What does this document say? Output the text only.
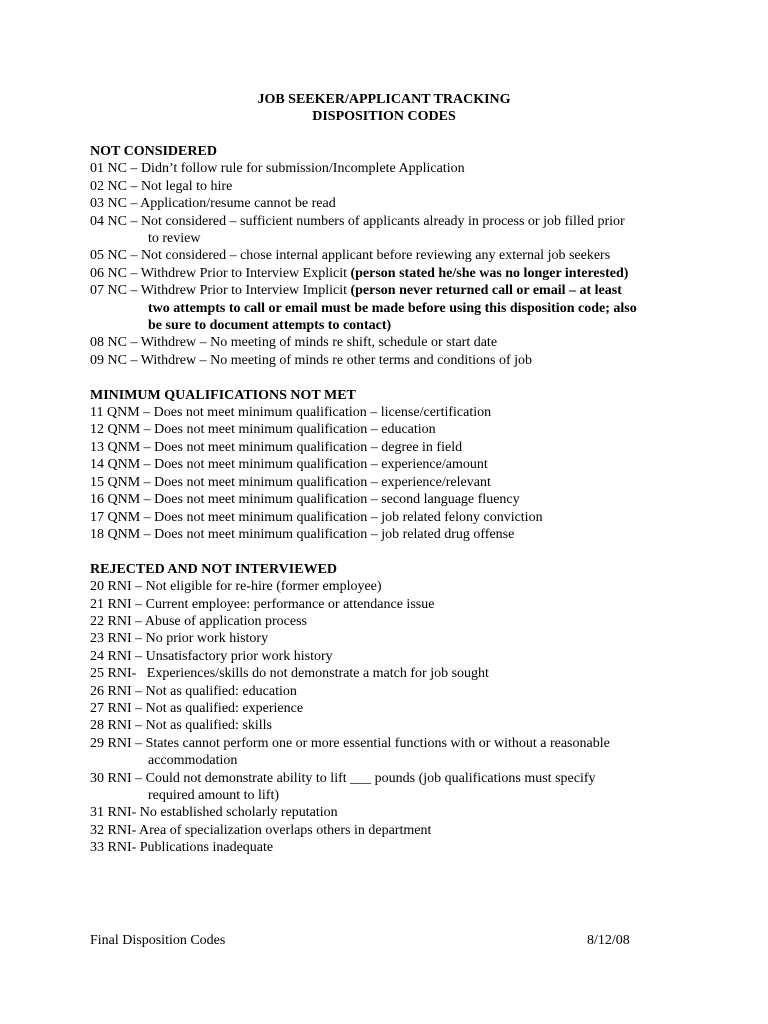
JOB SEEKER/APPLICANT TRACKING
DISPOSITION CODES
NOT CONSIDERED
01 NC – Didn’t follow rule for submission/Incomplete Application
02 NC – Not legal to hire
03 NC – Application/resume cannot be read
04 NC – Not considered – sufficient numbers of applicants already in process or job filled prior
to review
05 NC – Not considered – chose internal applicant before reviewing any external job seekers
06 NC – Withdrew Prior to Interview Explicit (person stated he/she was no longer interested)
07 NC – Withdrew Prior to Interview Implicit (person never returned call or email – at least
two attempts to call or email must be made before using this disposition code; also
be sure to document attempts to contact)
08 NC – Withdrew – No meeting of minds re shift, schedule or start date
09 NC – Withdrew – No meeting of minds re other terms and conditions of job
MINIMUM QUALIFICATIONS NOT MET
11 QNM – Does not meet minimum qualification – license/certification
12 QNM – Does not meet minimum qualification – education
13 QNM – Does not meet minimum qualification – degree in field
14 QNM – Does not meet minimum qualification – experience/amount
15 QNM – Does not meet minimum qualification – experience/relevant
16 QNM – Does not meet minimum qualification – second language fluency
17 QNM – Does not meet minimum qualification – job related felony conviction
18 QNM – Does not meet minimum qualification – job related drug offense
REJECTED AND NOT INTERVIEWED
20 RNI – Not eligible for re-hire (former employee)
21 RNI – Current employee: performance or attendance issue
22 RNI – Abuse of application process
23 RNI – No prior work history
24 RNI – Unsatisfactory prior work history
25 RNI-   Experiences/skills do not demonstrate a match for job sought
26 RNI – Not as qualified: education
27 RNI – Not as qualified: experience
28 RNI – Not as qualified: skills
29 RNI – States cannot perform one or more essential functions with or without a reasonable
accommodation
30 RNI – Could not demonstrate ability to lift ___ pounds (job qualifications must specify
required amount to lift)
31 RNI- No established scholarly reputation
32 RNI- Area of specialization overlaps others in department
33 RNI- Publications inadequate
Final Disposition Codes	8/12/08
